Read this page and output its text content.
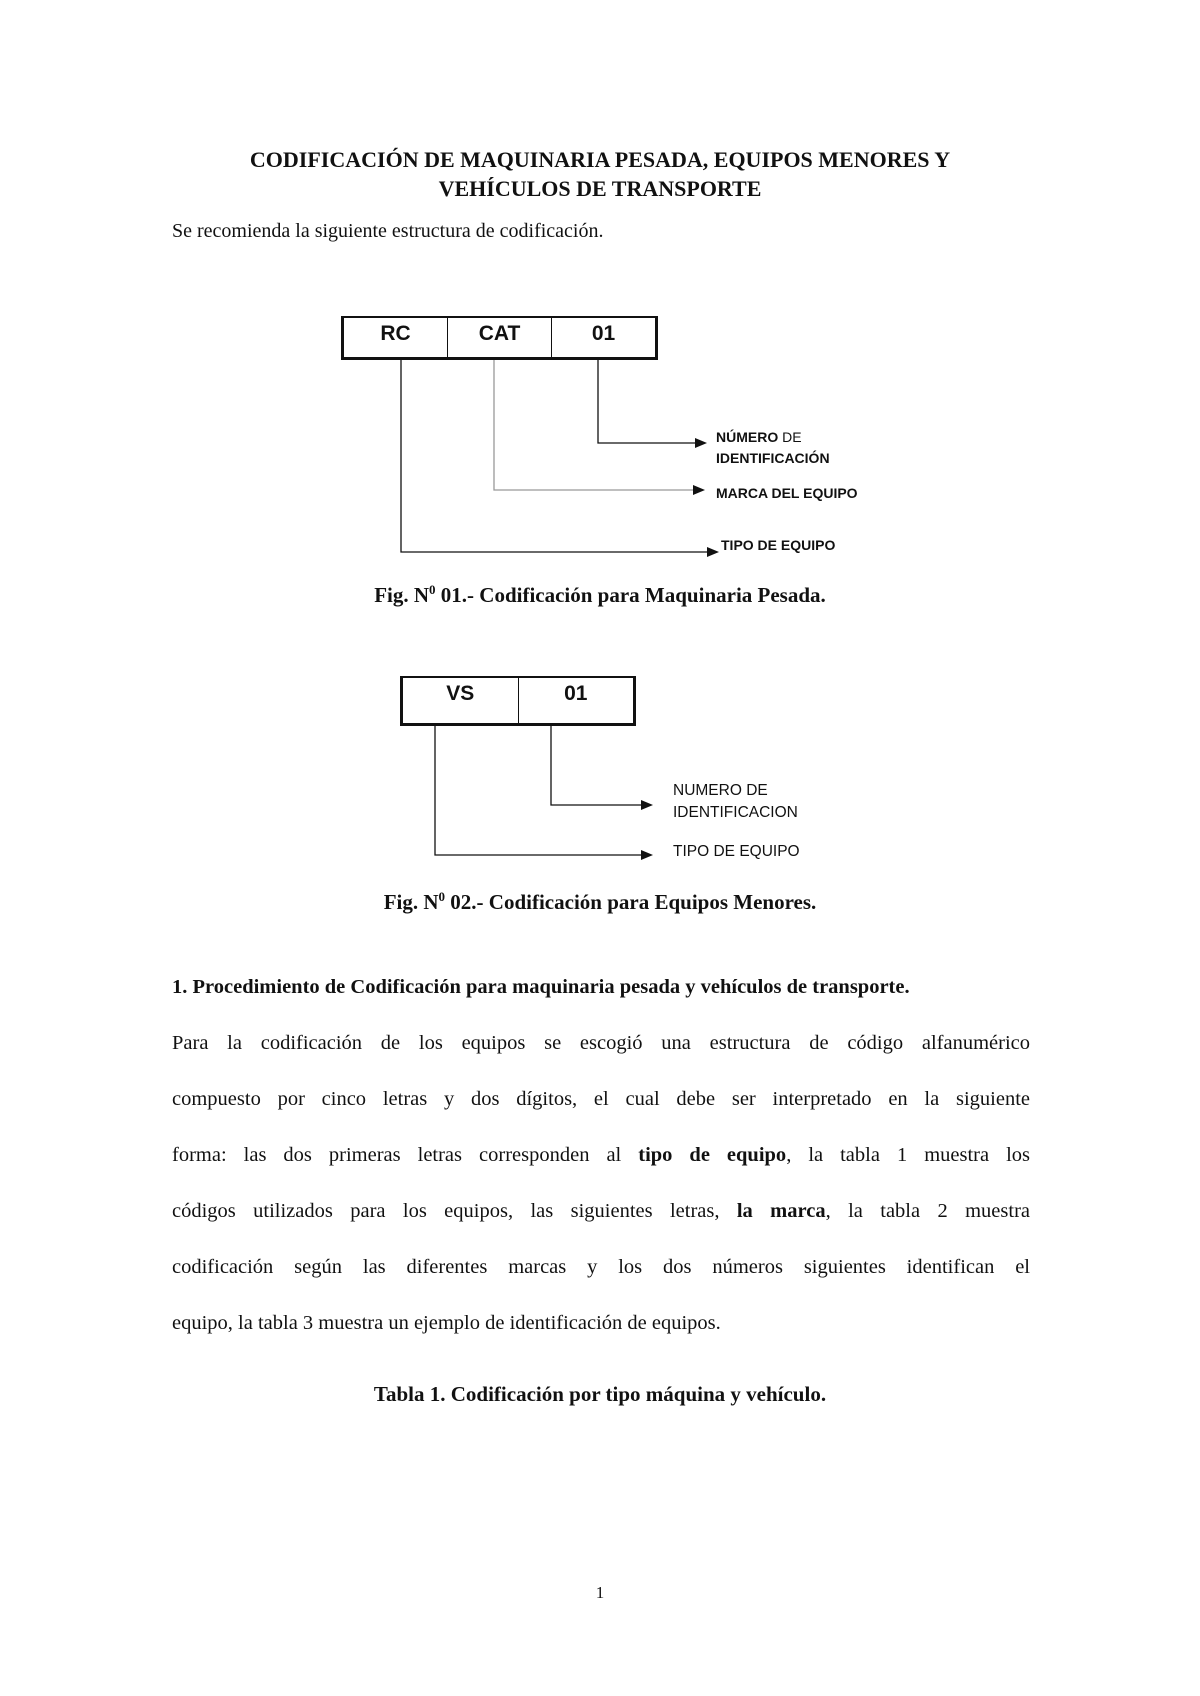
CODIFICACIÓN DE MAQUINARIA PESADA, EQUIPOS MENORES Y
VEHÍCULOS DE TRANSPORTE
Se recomienda la siguiente estructura de codificación.
RC	CAT	01
NÚMERO DE
IDENTIFICACIÓN
MARCA DEL EQUIPO
TIPO DE EQUIPO
Fig. $N^0$ 01.- Codificación para Maquinaria Pesada.
VS	01
NUMERO DE
IDENTIFICACION
TIPO DE EQUIPO
Fig. $N^0$ 02.- Codificación para Equipos Menores.
1. Procedimiento de Codificación para maquinaria pesada y vehículos de transporte.
Para la codificación de los equipos se escogió una estructura de código alfanumérico
compuesto por cinco letras y dos dígitos, el cual debe ser interpretado en la siguiente
forma: las dos primeras letras corresponden al tipo de equipo, la tabla 1 muestra los
códigos utilizados para los equipos, las siguientes letras, la marca, la tabla 2 muestra
codificación según las diferentes marcas y los dos números siguientes identifican el
equipo, la tabla 3 muestra un ejemplo de identificación de equipos.
Tabla 1. Codificación por tipo máquina y vehículo.
1
